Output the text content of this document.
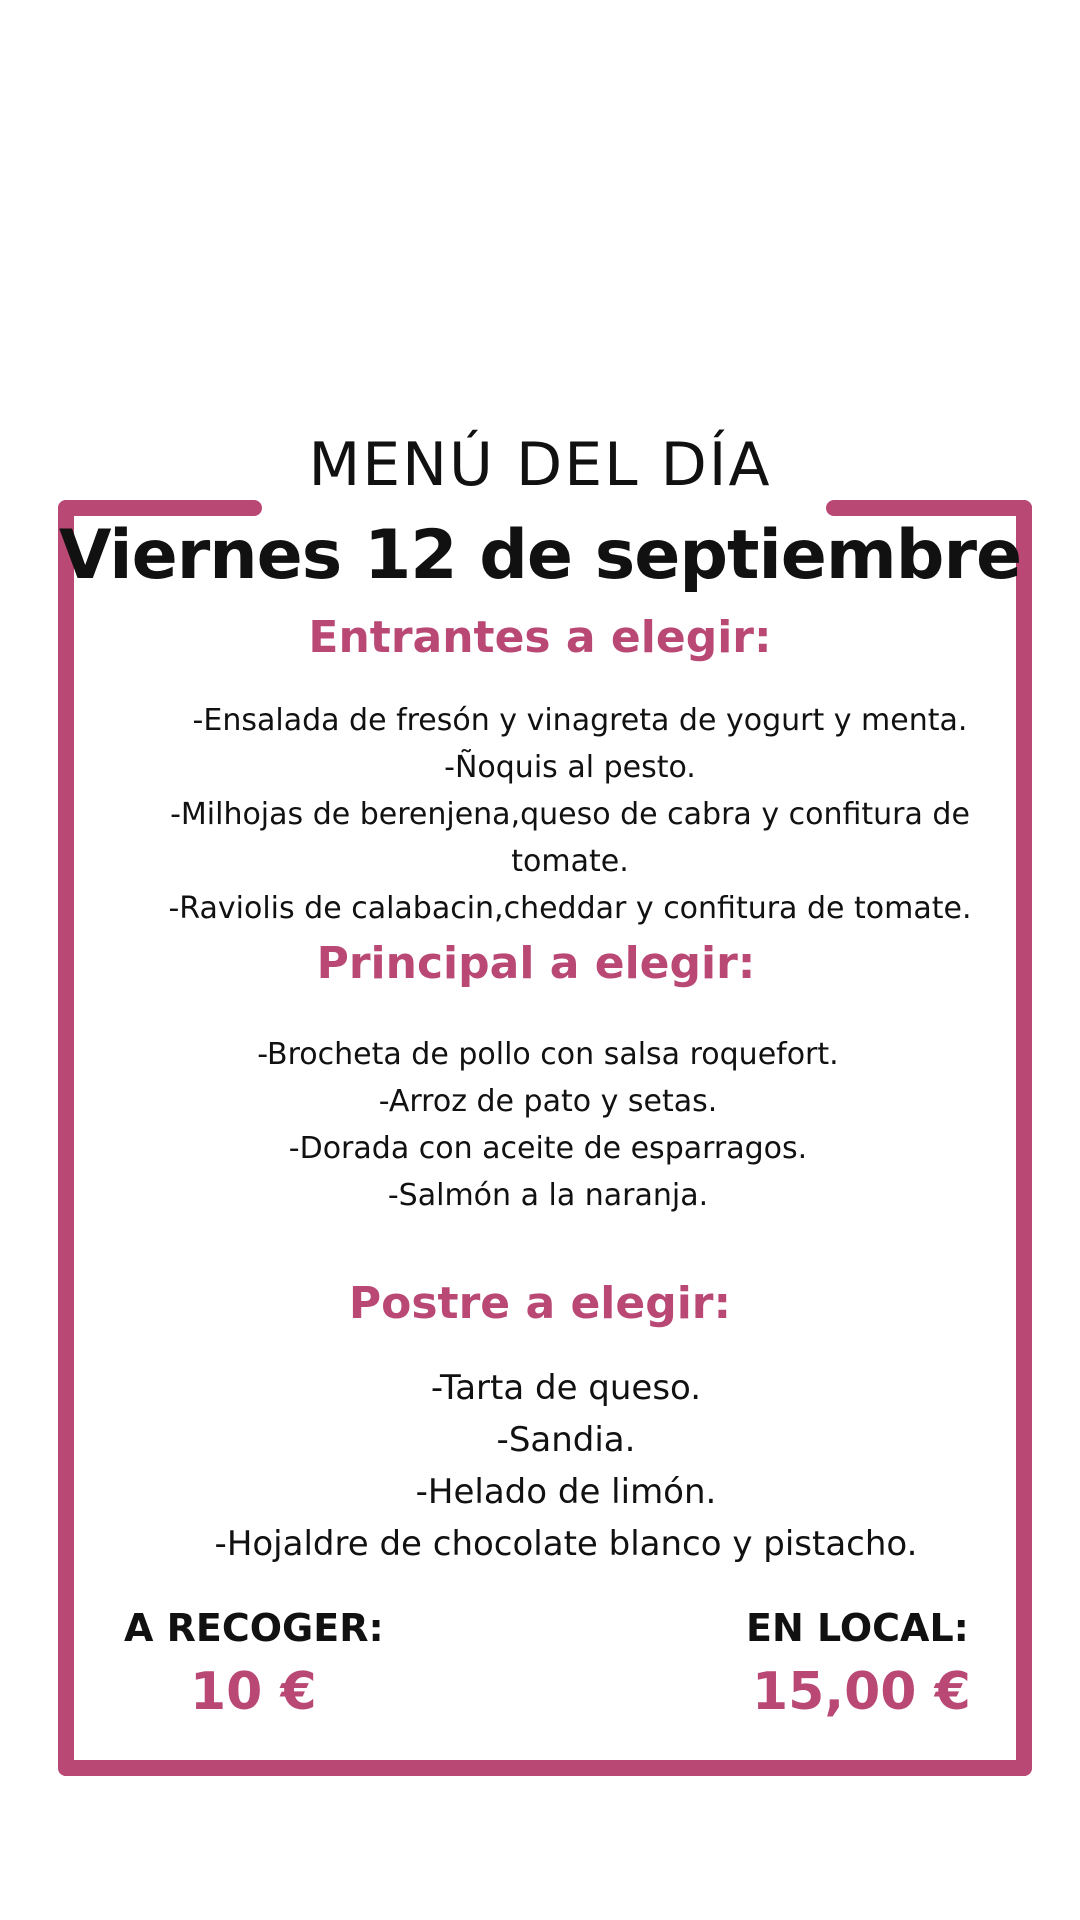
MENÚ DEL DÍA
Viernes 12 de septiembre
Entrantes a elegir:
-Ensalada de fresón y vinagreta de yogurt y menta.
-Ñoquis al pesto.
-Milhojas de berenjena,queso de cabra y confitura de
tomate.
-Raviolis de calabacin,cheddar y confitura de tomate.
Principal a elegir:
-Brocheta de pollo con salsa roquefort.
-Arroz de pato y setas.
-Dorada con aceite de esparragos.
-Salmón a la naranja.
Postre a elegir:
-Tarta de queso.
-Sandia.
-Helado de limón.
-Hojaldre de chocolate blanco y pistacho.
A RECOGER:
10 €
EN LOCAL:
15,00 €
